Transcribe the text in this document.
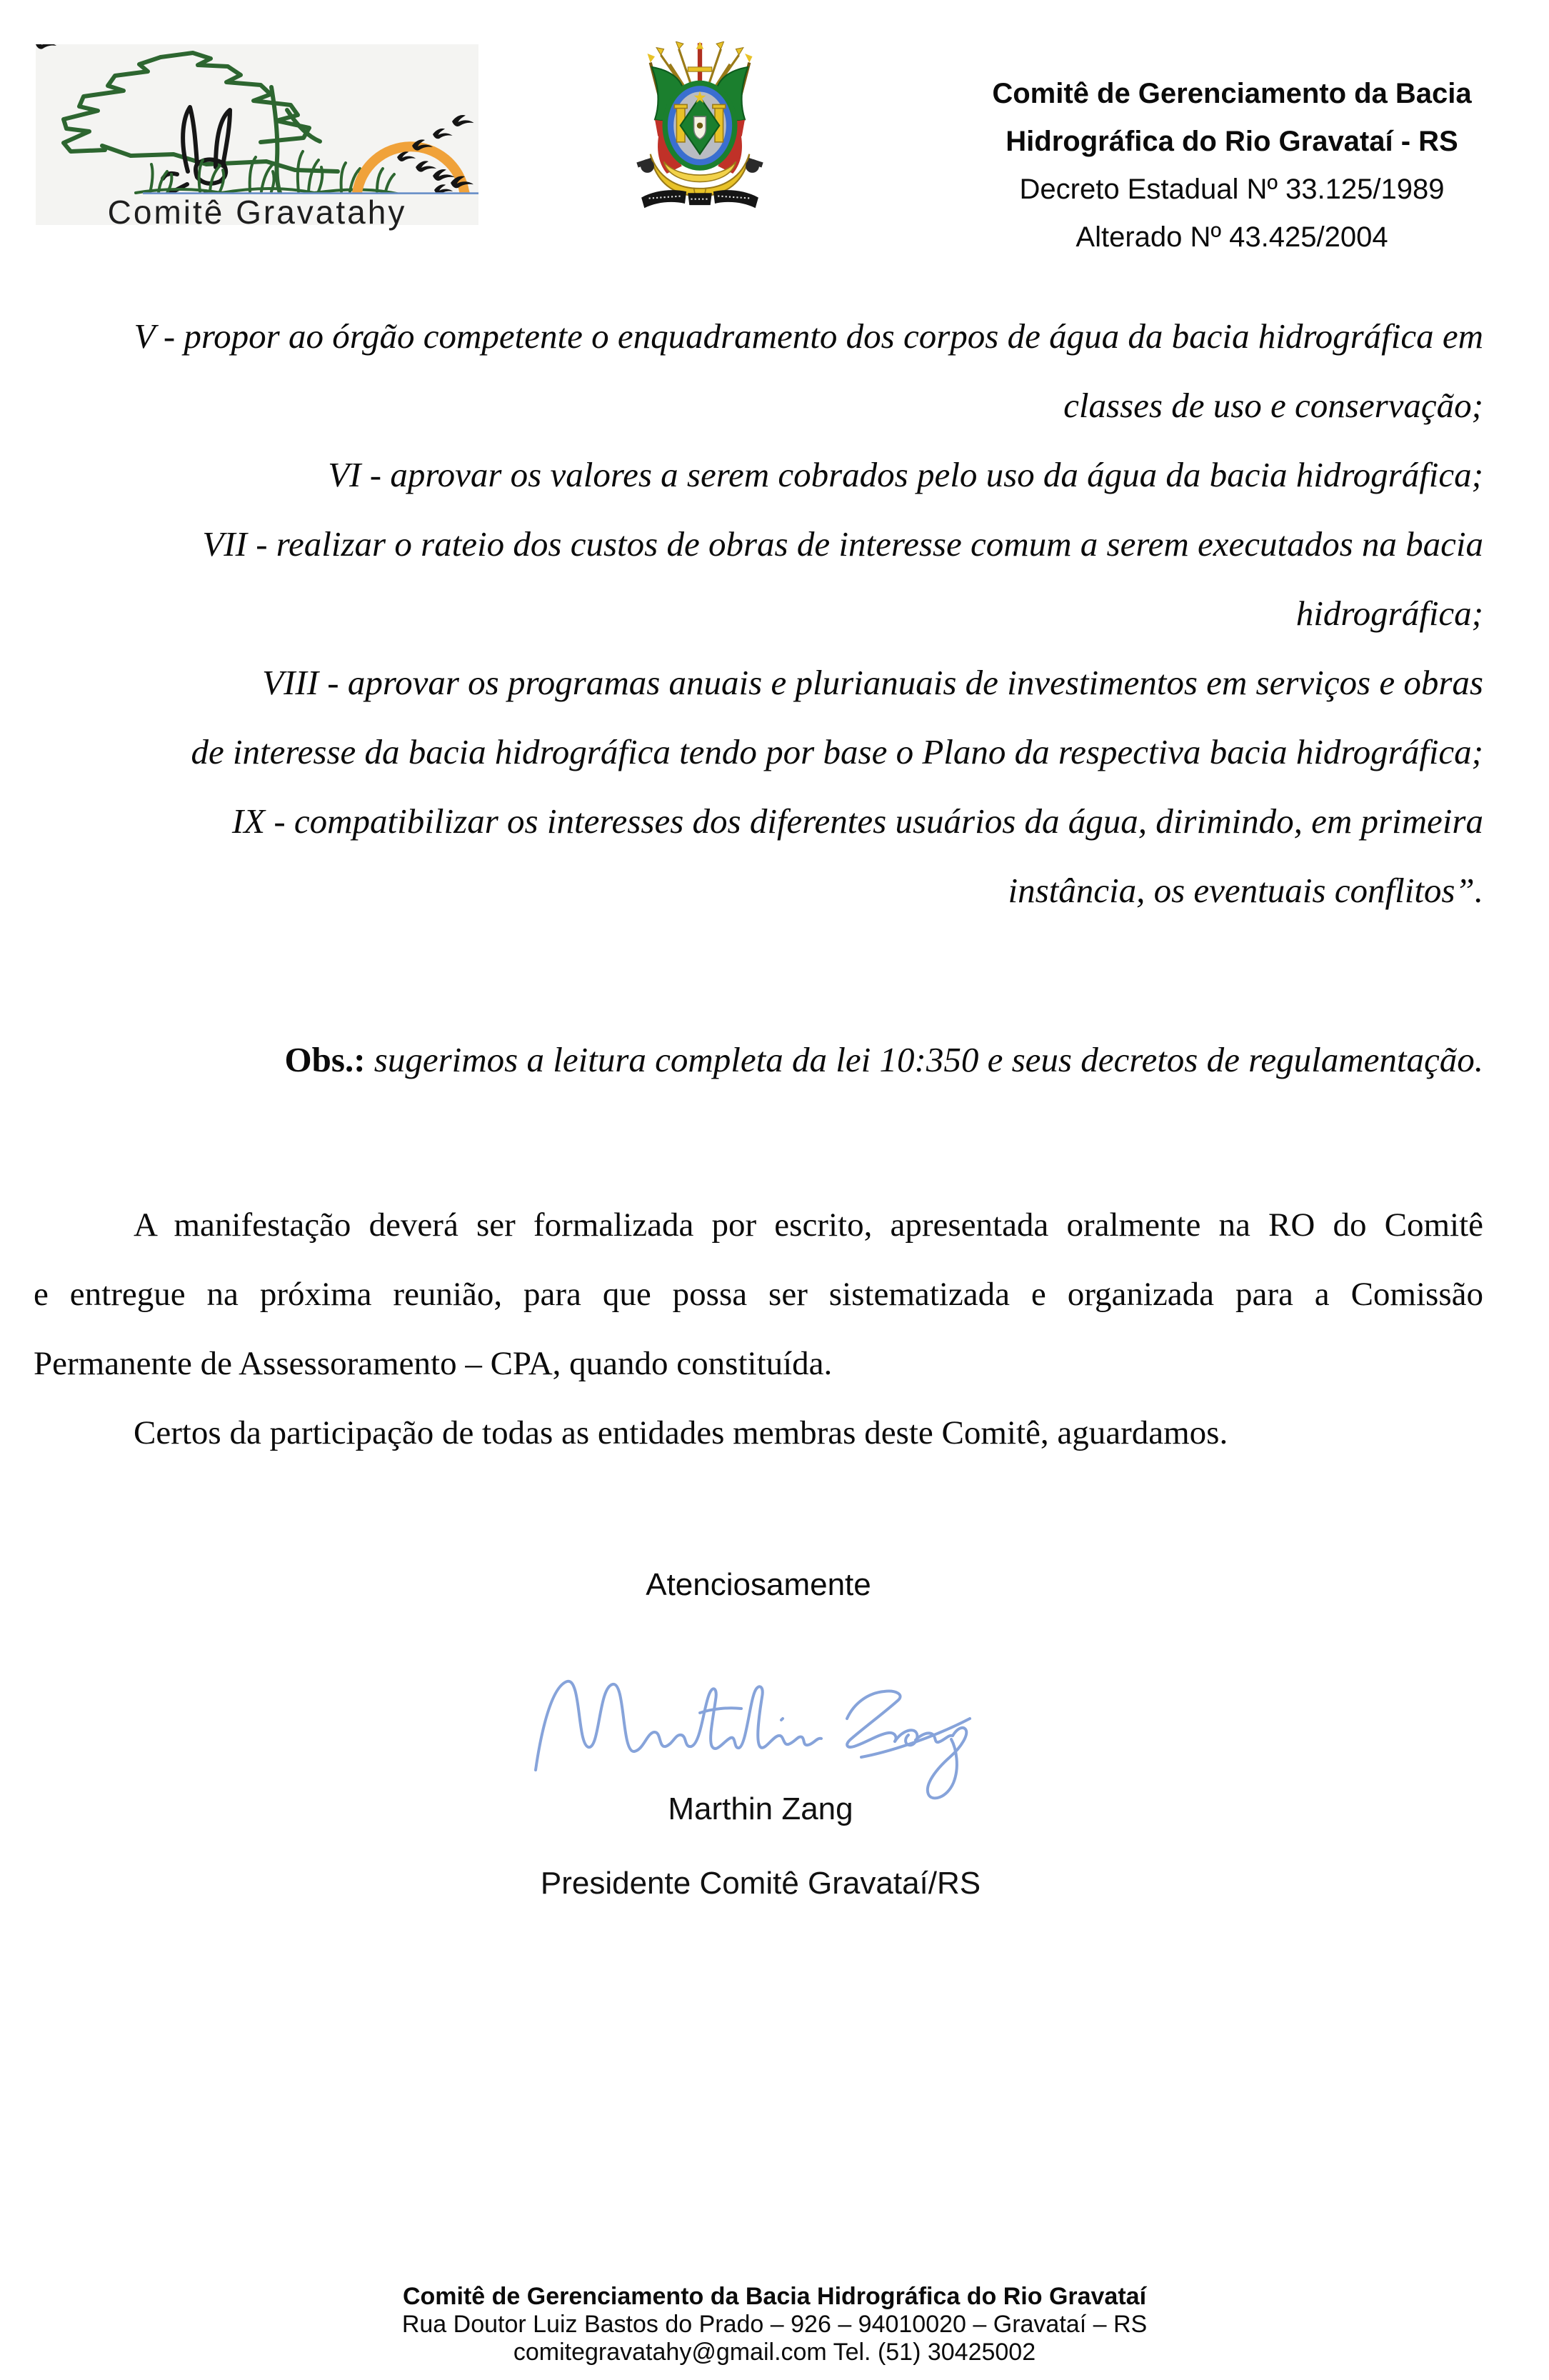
Comitê Gravatahy
Comitê de Gerenciamento da Bacia
Hidrográfica do Rio Gravataí - RS
Decreto Estadual Nº 33.125/1989
Alterado Nº 43.425/2004
V - propor ao órgão competente o enquadramento dos corpos de água da bacia hidrográfica em
classes de uso e conservação;
VI - aprovar os valores a serem cobrados pelo uso da água da bacia hidrográfica;
VII - realizar o rateio dos custos de obras de interesse comum a serem executados na bacia
hidrográfica;
VIII - aprovar os programas anuais e plurianuais de investimentos em serviços e obras
de interesse da bacia hidrográfica tendo por base o Plano da respectiva bacia hidrográfica;
IX - compatibilizar os interesses dos diferentes usuários da água, dirimindo, em primeira
instância, os eventuais conflitos”.
Obs.: sugerimos a leitura completa da lei 10:350 e seus decretos de regulamentação.
A manifestação deverá ser formalizada por escrito, apresentada oralmente na RO do Comitê
e entregue na próxima reunião, para que possa ser sistematizada e organizada para a Comissão
Permanente de Assessoramento – CPA, quando constituída.
Certos da participação de todas as entidades membras deste Comitê, aguardamos.
Atenciosamente
Marthin Zang
Presidente Comitê Gravataí/RS
Comitê de Gerenciamento da Bacia Hidrográfica do Rio Gravataí
Rua Doutor Luiz Bastos do Prado – 926 – 94010020 – Gravataí – RS
comitegravatahy@gmail.com Tel. (51) 30425002
